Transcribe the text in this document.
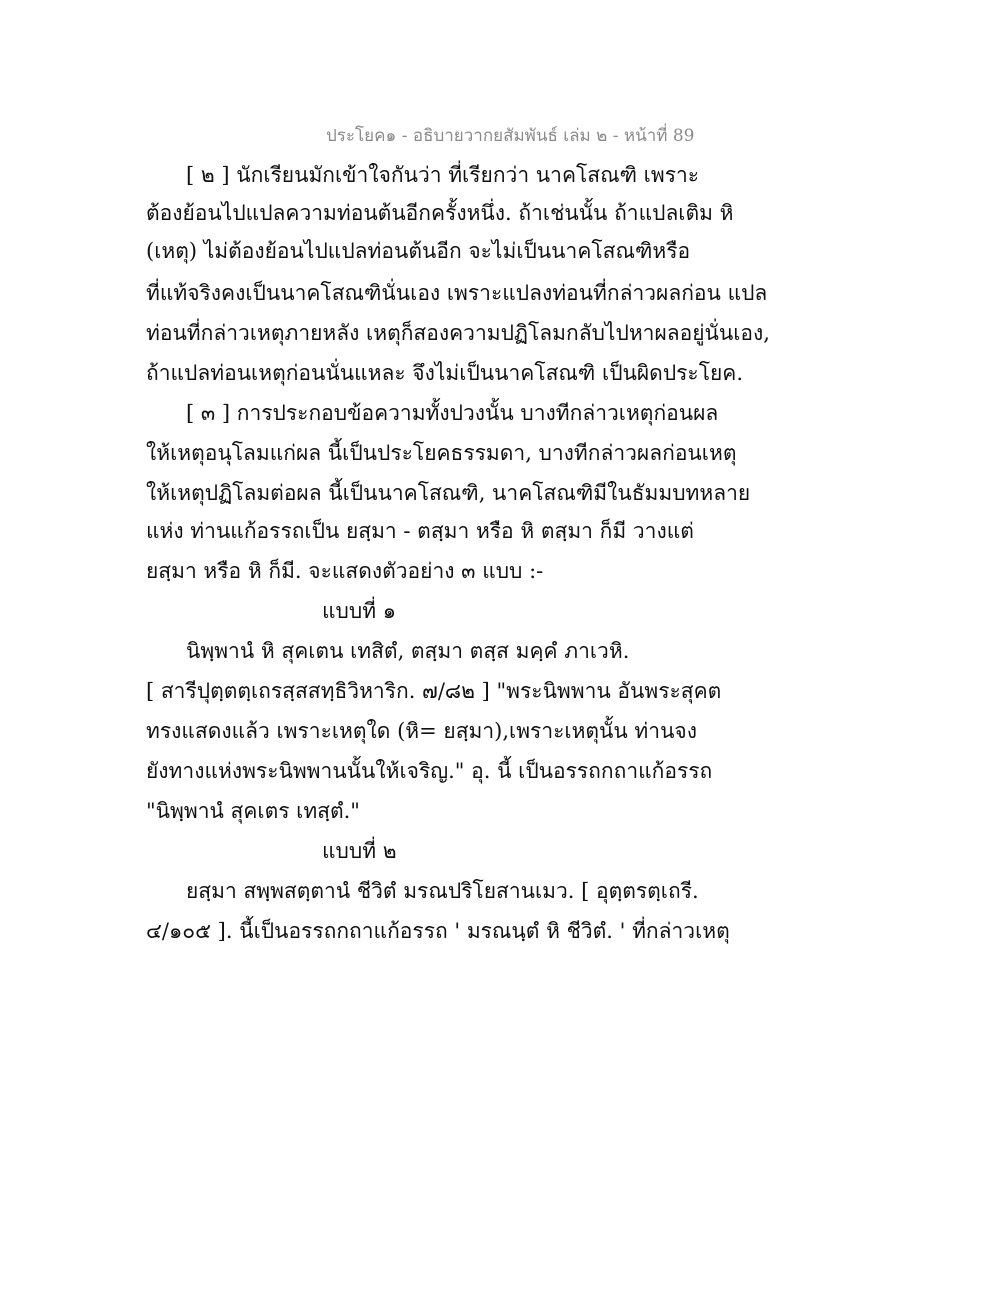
ประโยค๑ - อธิบายวากยสัมพันธ์ เล่ม ๒ - หน้าที่ 89
[ ๒ ] นักเรียนมักเข้าใจกันว่า ที่เรียกว่า นาคโสณฑิ เพราะ
ต้องย้อนไปแปลความท่อนต้นอีกครั้งหนึ่ง. ถ้าเช่นนั้น ถ้าแปลเติม หิ
(เหตุ) ไม่ต้องย้อนไปแปลท่อนต้นอีก จะไม่เป็นนาคโสณฑิหรือ
ที่แท้จริงคงเป็นนาคโสณฑินั่นเอง เพราะแปลงท่อนที่กล่าวผลก่อน แปล
ท่อนที่กล่าวเหตุภายหลัง เหตุก็สองความปฏิโลมกลับไปหาผลอยู่นั่นเอง,
ถ้าแปลท่อนเหตุก่อนนั่นแหละ จึงไม่เป็นนาคโสณฑิ เป็นผิดประโยค.
[ ๓ ] การประกอบข้อความทั้งปวงนั้น บางทีกล่าวเหตุก่อนผล
ให้เหตุอนุโลมแก่ผล นี้เป็นประโยคธรรมดา, บางทีกล่าวผลก่อนเหตุ
ให้เหตุปฏิโลมต่อผล นี้เป็นนาคโสณฑิ, นาคโสณฑิมีในธัมมบทหลาย
แห่ง ท่านแก้อรรถเป็น ยสฺมา - ตสฺมา หรือ หิ ตสฺมา ก็มี วางแต่
ยสฺมา หรือ หิ ก็มี. จะแสดงตัวอย่าง ๓ แบบ :-
แบบที่ ๑
นิพฺพานํ หิ สุคเตน เทสิตํ, ตสฺมา ตสฺส มคฺคํ ภาเวหิ.
[ สารีปุตฺตตฺเถรสฺสสทฺธิวิหาริก. ๗/๘๒ ] "พระนิพพาน อันพระสุคต
ทรงแสดงแล้ว เพราะเหตุใด (หิ= ยสฺมา),เพราะเหตุนั้น ท่านจง
ยังทางแห่งพระนิพพานนั้นให้เจริญ." อุ. นี้ เป็นอรรถกถาแก้อรรถ
"นิพฺพานํ สุคเตร เทสฺตํ."
แบบที่ ๒
ยสฺมา สพฺพสตฺตานํ ชีวิตํ มรณปริโยสานเมว. [ อุตฺตรตฺเถรี.
๔/๑๐๕ ]. นี้เป็นอรรถกถาแก้อรรถ ' มรณนฺตํ หิ ชีวิตํ. ' ที่กล่าวเหตุ
